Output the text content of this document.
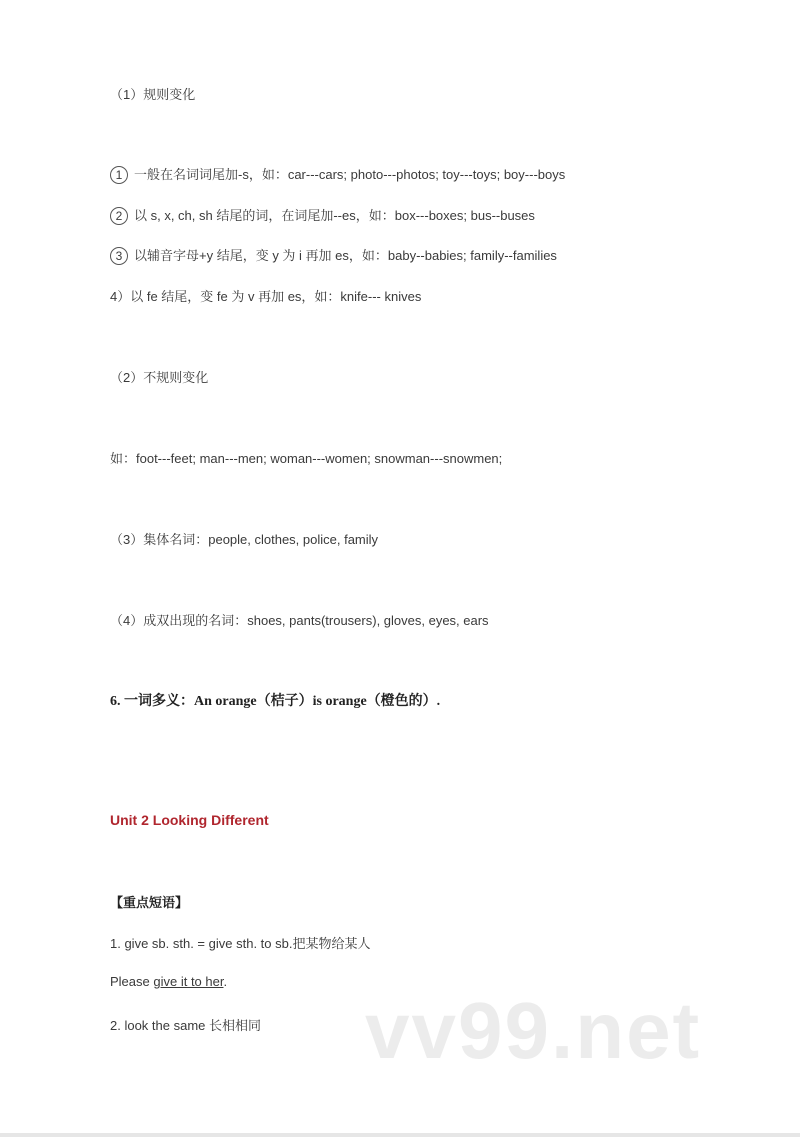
（1）规则变化
1 一般在名词词尾加-s，如：car---cars; photo---photos; toy---toys; boy---boys
2 以 s, x, ch, sh 结尾的词，在词尾加--es，如：box---boxes; bus--buses
3 以辅音字母+y 结尾，变 y 为 i 再加 es，如：baby--babies; family--families
4）以 fe 结尾，变 fe 为 v 再加 es，如：knife--- knives
（2）不规则变化
如：foot---feet; man---men; woman---women; snowman---snowmen;
（3）集体名词：people, clothes, police, family
（4）成双出现的名词：shoes, pants(trousers), gloves, eyes, ears
6. 一词多义：An orange（桔子）is orange（橙色的）.
Unit 2 Looking Different
【重点短语】
1. give sb. sth. = give sth. to sb.把某物给某人
Please give it to her.
2. look the same 长相相同 vv99.net
